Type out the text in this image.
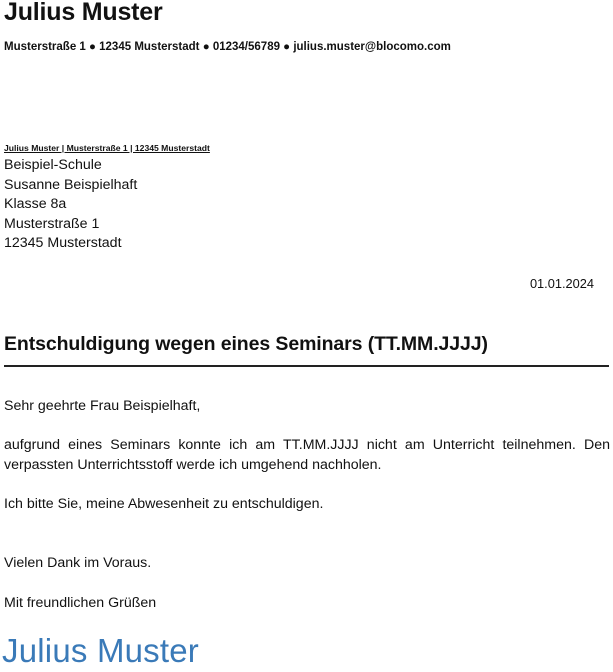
Julius Muster
Musterstraße 1 ● 12345 Musterstadt ● 01234/56789 ● julius.muster@blocomo.com
Julius Muster | Musterstraße 1 | 12345 Musterstadt
Beispiel-Schule
Susanne Beispielhaft
Klasse 8a
Musterstraße 1
12345 Musterstadt
01.01.2024
Entschuldigung wegen eines Seminars (TT.MM.JJJJ)
Sehr geehrte Frau Beispielhaft,
aufgrund eines Seminars konnte ich am TT.MM.JJJJ nicht am Unterricht teilnehmen. Den verpassten Unterrichtsstoff werde ich umgehend nachholen.
Ich bitte Sie, meine Abwesenheit zu entschuldigen.
Vielen Dank im Voraus.
Mit freundlichen Grüßen
Julius Muster
